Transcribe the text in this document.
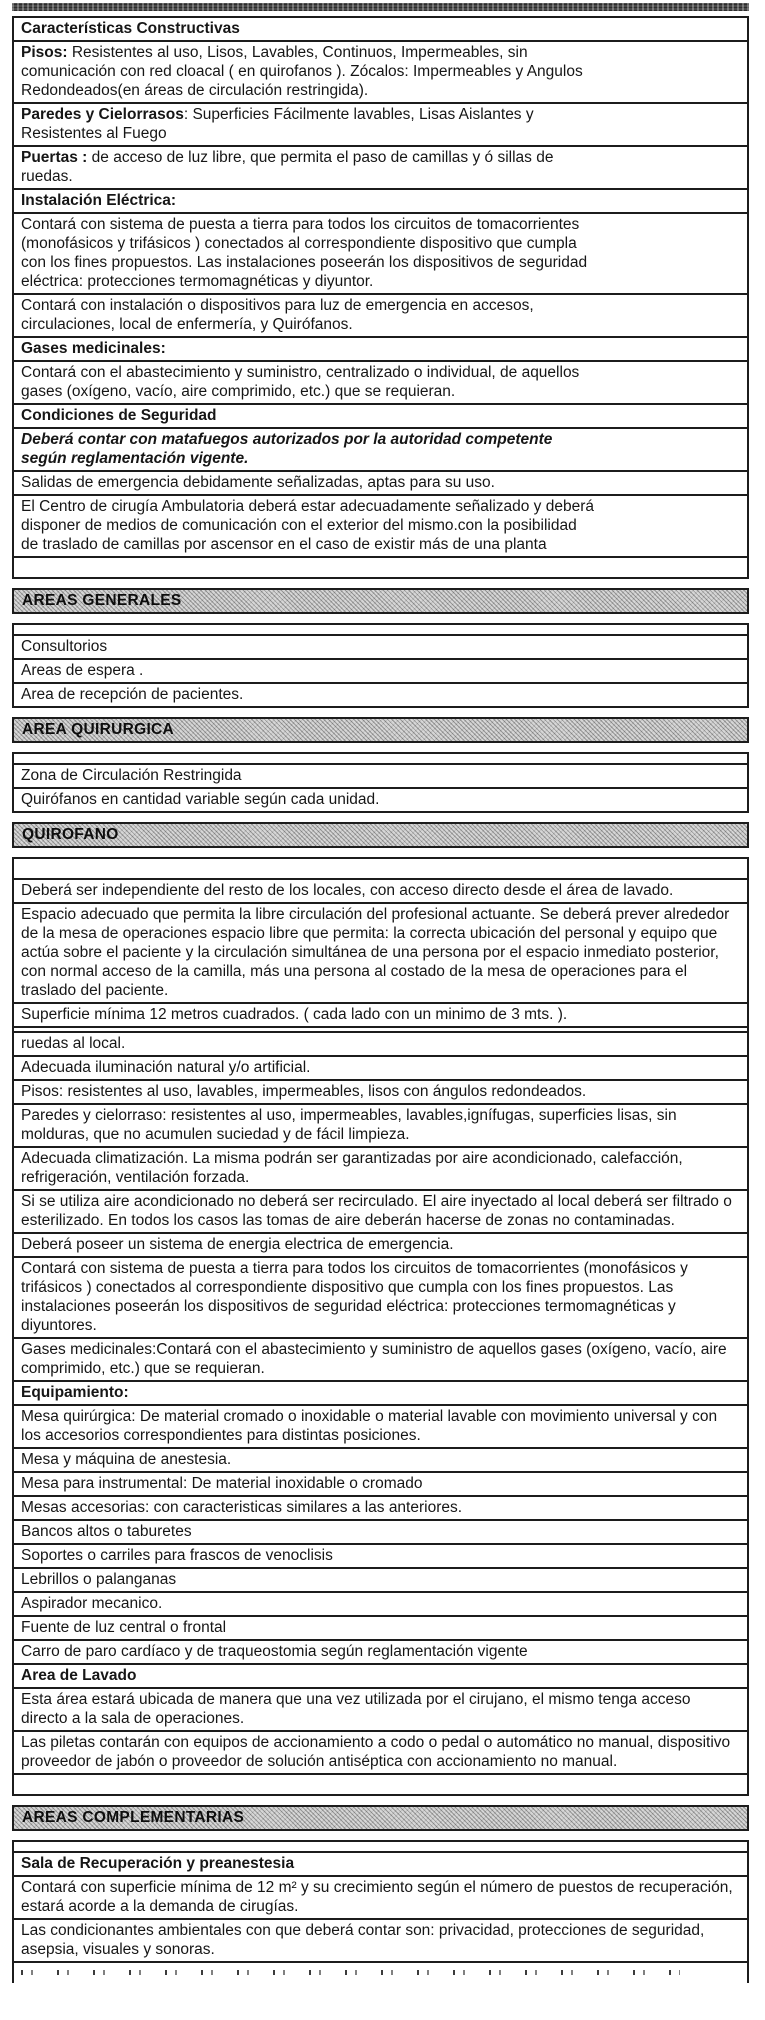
Características Constructivas
Pisos: Resistentes al uso, Lisos, Lavables, Continuos, Impermeables, sin comunicación con red cloacal ( en quirofanos ). Zócalos: Impermeables y Angulos Redondeados(en áreas de circulación restringida).
Paredes y Cielorrasos: Superficies Fácilmente lavables, Lisas Aislantes y Resistentes al Fuego
Puertas : de acceso de luz libre, que permita el paso de camillas y ó sillas de ruedas.
Instalación Eléctrica:
Contará con sistema de puesta a tierra para todos los circuitos de tomacorrientes (monofásicos y trifásicos ) conectados al correspondiente dispositivo que cumpla con los fines propuestos. Las instalaciones poseerán los dispositivos de seguridad eléctrica: protecciones termomagnéticas y diyuntor.
Contará con instalación o dispositivos para luz de emergencia en accesos, circulaciones, local de enfermería, y Quirófanos.
Gases medicinales:
Contará con el abastecimiento y suministro, centralizado o individual, de aquellos gases (oxígeno, vacío, aire comprimido, etc.) que se requieran.
Condiciones de Seguridad
Deberá contar con matafuegos autorizados por la autoridad competente según reglamentación vigente.
Salidas de emergencia debidamente señalizadas, aptas para su uso.
El Centro de cirugía Ambulatoria deberá estar adecuadamente señalizado y deberá disponer de medios de comunicación con el exterior del mismo.con la posibilidad de traslado de camillas por ascensor en el caso de existir más de una planta
AREAS GENERALES
Consultorios
Areas de espera .
Area de recepción de pacientes.
AREA QUIRURGICA
Zona de Circulación Restringida
Quirófanos en cantidad variable según cada unidad.
QUIROFANO
Deberá ser independiente del resto de los locales, con acceso directo desde el área de lavado.
Espacio adecuado que permita la libre circulación del profesional actuante. Se deberá prever alrededor de la mesa de operaciones espacio libre que permita: la correcta ubicación del personal y equipo que actúa sobre el paciente y la circulación simultánea de una persona por el espacio inmediato posterior, con normal acceso de la camilla, más una persona al costado de la mesa de operaciones para el traslado del paciente.
Superficie mínima 12 metros cuadrados. ( cada lado con un minimo de 3 mts. ).
ruedas al local.
Adecuada iluminación natural y/o artificial.
Pisos: resistentes al uso, lavables, impermeables, lisos con ángulos redondeados.
Paredes y cielorraso: resistentes al uso, impermeables, lavables,ignífugas, superficies lisas, sin molduras, que no acumulen suciedad y de fácil limpieza.
Adecuada climatización. La misma podrán ser garantizadas por aire acondicionado, calefacción, refrigeración, ventilación forzada.
Si se utiliza aire acondicionado no deberá ser recirculado. El aire inyectado al local deberá ser filtrado o esterilizado. En todos los casos las tomas de aire deberán hacerse de zonas no contaminadas.
Deberá poseer un sistema de energia electrica de emergencia.
Contará con sistema de puesta a tierra para todos los circuitos de tomacorrientes (monofásicos y trifásicos ) conectados al correspondiente dispositivo que cumpla con los fines propuestos. Las instalaciones poseerán los dispositivos de seguridad eléctrica: protecciones termomagnéticas y diyuntores.
Gases medicinales:Contará con el abastecimiento y suministro de aquellos gases (oxígeno, vacío, aire comprimido, etc.) que se requieran.
Equipamiento:
Mesa quirúrgica: De material cromado o inoxidable o material lavable con movimiento universal y con los accesorios correspondientes para distintas posiciones.
Mesa y máquina de anestesia.
Mesa para instrumental: De material inoxidable o cromado
Mesas accesorias: con caracteristicas similares a las anteriores.
Bancos altos o taburetes
Soportes o carriles para frascos de venoclisis
Lebrillos o palanganas
Aspirador mecanico.
Fuente de luz central o frontal
Carro de paro cardíaco y de traqueostomia según reglamentación vigente
Area de Lavado
Esta área estará ubicada de manera que una vez utilizada por el cirujano, el mismo tenga acceso directo a la sala de operaciones.
Las piletas contarán con equipos de accionamiento a codo o pedal o automático no manual, dispositivo proveedor de jabón o proveedor de solución antiséptica con accionamiento no manual.
AREAS COMPLEMENTARIAS
Sala de Recuperación y preanestesia
Contará con superficie mínima de 12 m² y su crecimiento según el número de puestos de recuperación, estará acorde a la demanda de cirugías.
Las condicionantes ambientales con que deberá contar son: privacidad, protecciones de seguridad, asepsia, visuales y sonoras.
